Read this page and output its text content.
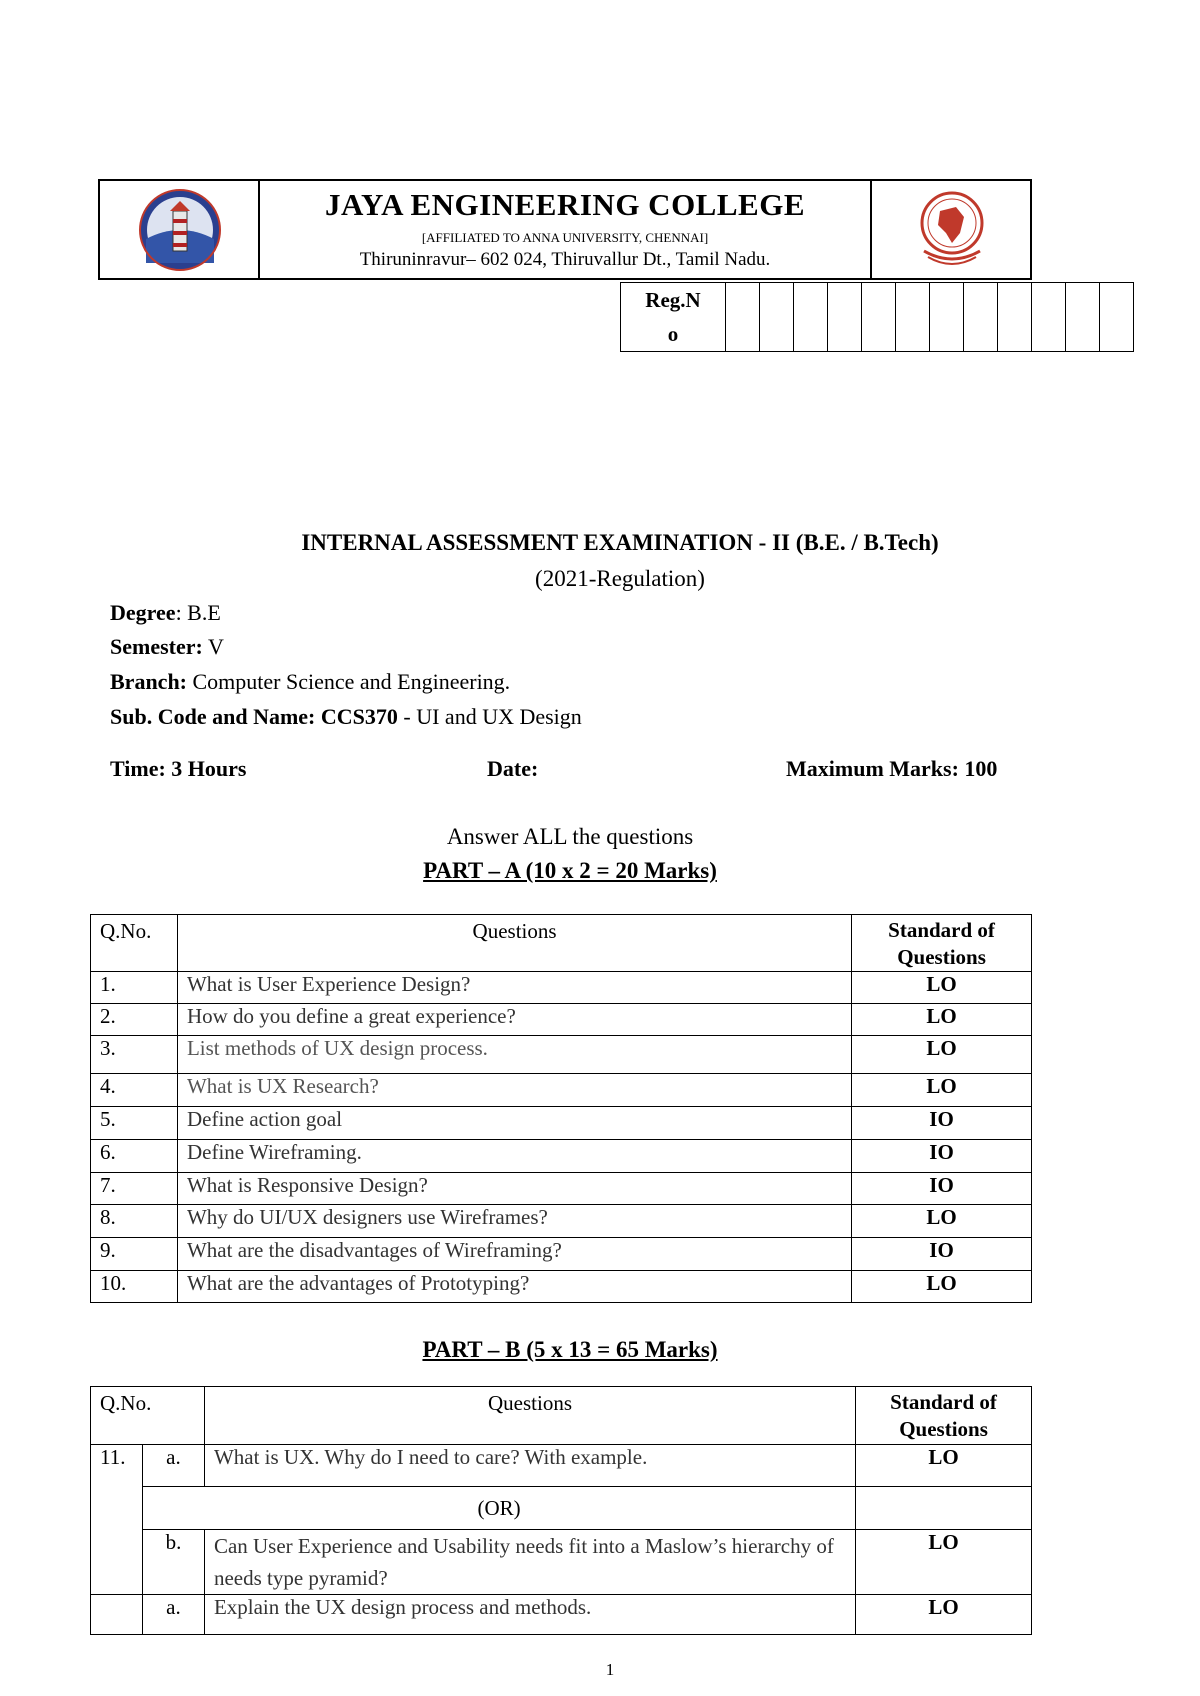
JAYA ENGINEERING COLLEGE
[AFFILIATED TO ANNA UNIVERSITY, CHENNAI]
Thiruninravur– 602 024, Thiruvallur Dt., Tamil Nadu.
Reg.N
o												
INTERNAL ASSESSMENT EXAMINATION - II (B.E. / B.Tech)
(2021-Regulation)
Degree: B.E
Semester: V
Branch: Computer Science and Engineering.
Sub. Code and Name: CCS370 - UI and UX Design
Time: 3 Hours	Date:	Maximum Marks: 100
Answer ALL the questions
PART – A (10 x 2 = 20 Marks)
Q.No.	Questions	Standard of
Questions
1.	What is User Experience Design?	LO
2.	How do you define a great experience?	LO
3.	List methods of UX design process.	LO
4.	What is UX Research?	LO
5.	Define action goal	IO
6.	Define Wireframing.	IO
7.	What is Responsive Design?	IO
8.	Why do UI/UX designers use Wireframes?	LO
9.	What are the disadvantages of Wireframing?	IO
10.	What are the advantages of Prototyping?	LO
PART – B (5 x 13 = 65 Marks)
Q.No.		Questions	Standard of
Questions
11.	a.	What is UX. Why do I need to care? With example.	LO
	(OR)		
	b.	Can User Experience and Usability needs fit into a Maslow’s hierarchy of needs type pyramid?	LO
	a.	Explain the UX design process and methods.	LO
1
